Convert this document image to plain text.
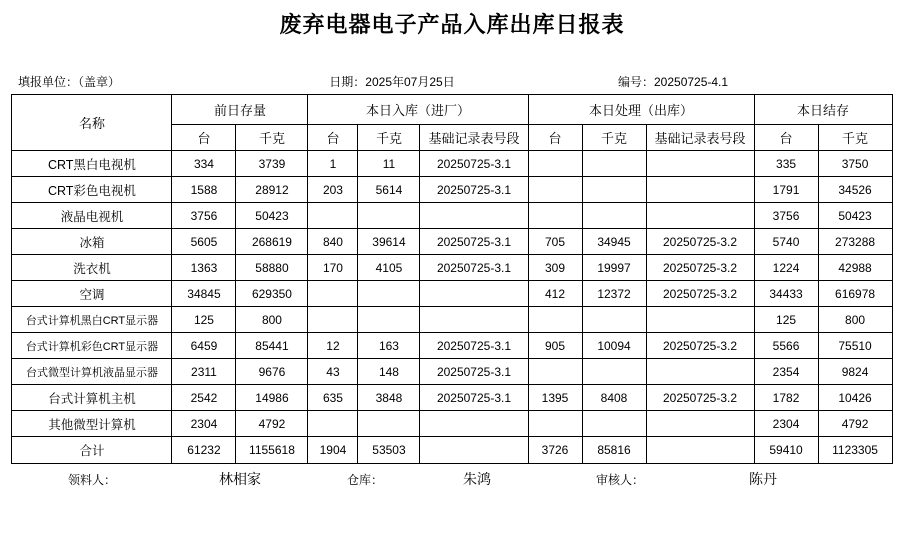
废弃电器电子产品入库出库日报表
填报单位：（盖章）	日期：2025年07月25日	编号：20250725-4.1
名称	前日存量		本日入库（进厂）			本日处理（出库）			本日结存	
	台	千克	台	千克	基础记录表号段	台	千克	基础记录表号段	台	千克
CRT黑白电视机	334	3739	1	11	20250725-3.1				335	3750
CRT彩色电视机	1588	28912	203	5614	20250725-3.1				1791	34526
液晶电视机	3756	50423							3756	50423
冰箱	5605	268619	840	39614	20250725-3.1	705	34945	20250725-3.2	5740	273288
洗衣机	1363	58880	170	4105	20250725-3.1	309	19997	20250725-3.2	1224	42988
空调	34845	629350				412	12372	20250725-3.2	34433	616978
台式计算机黑白CRT显示器	125	800							125	800
台式计算机彩色CRT显示器	6459	85441	12	163	20250725-3.1	905	10094	20250725-3.2	5566	75510
台式微型计算机液晶显示器	2311	9676	43	148	20250725-3.1				2354	9824
台式计算机主机	2542	14986	635	3848	20250725-3.1	1395	8408	20250725-3.2	1782	10426
其他微型计算机	2304	4792							2304	4792
合计	61232	1155618	1904	53503		3726	85816		59410	1123305
领料人：	林相家	仓库：	朱鸿	审核人：	陈丹	
